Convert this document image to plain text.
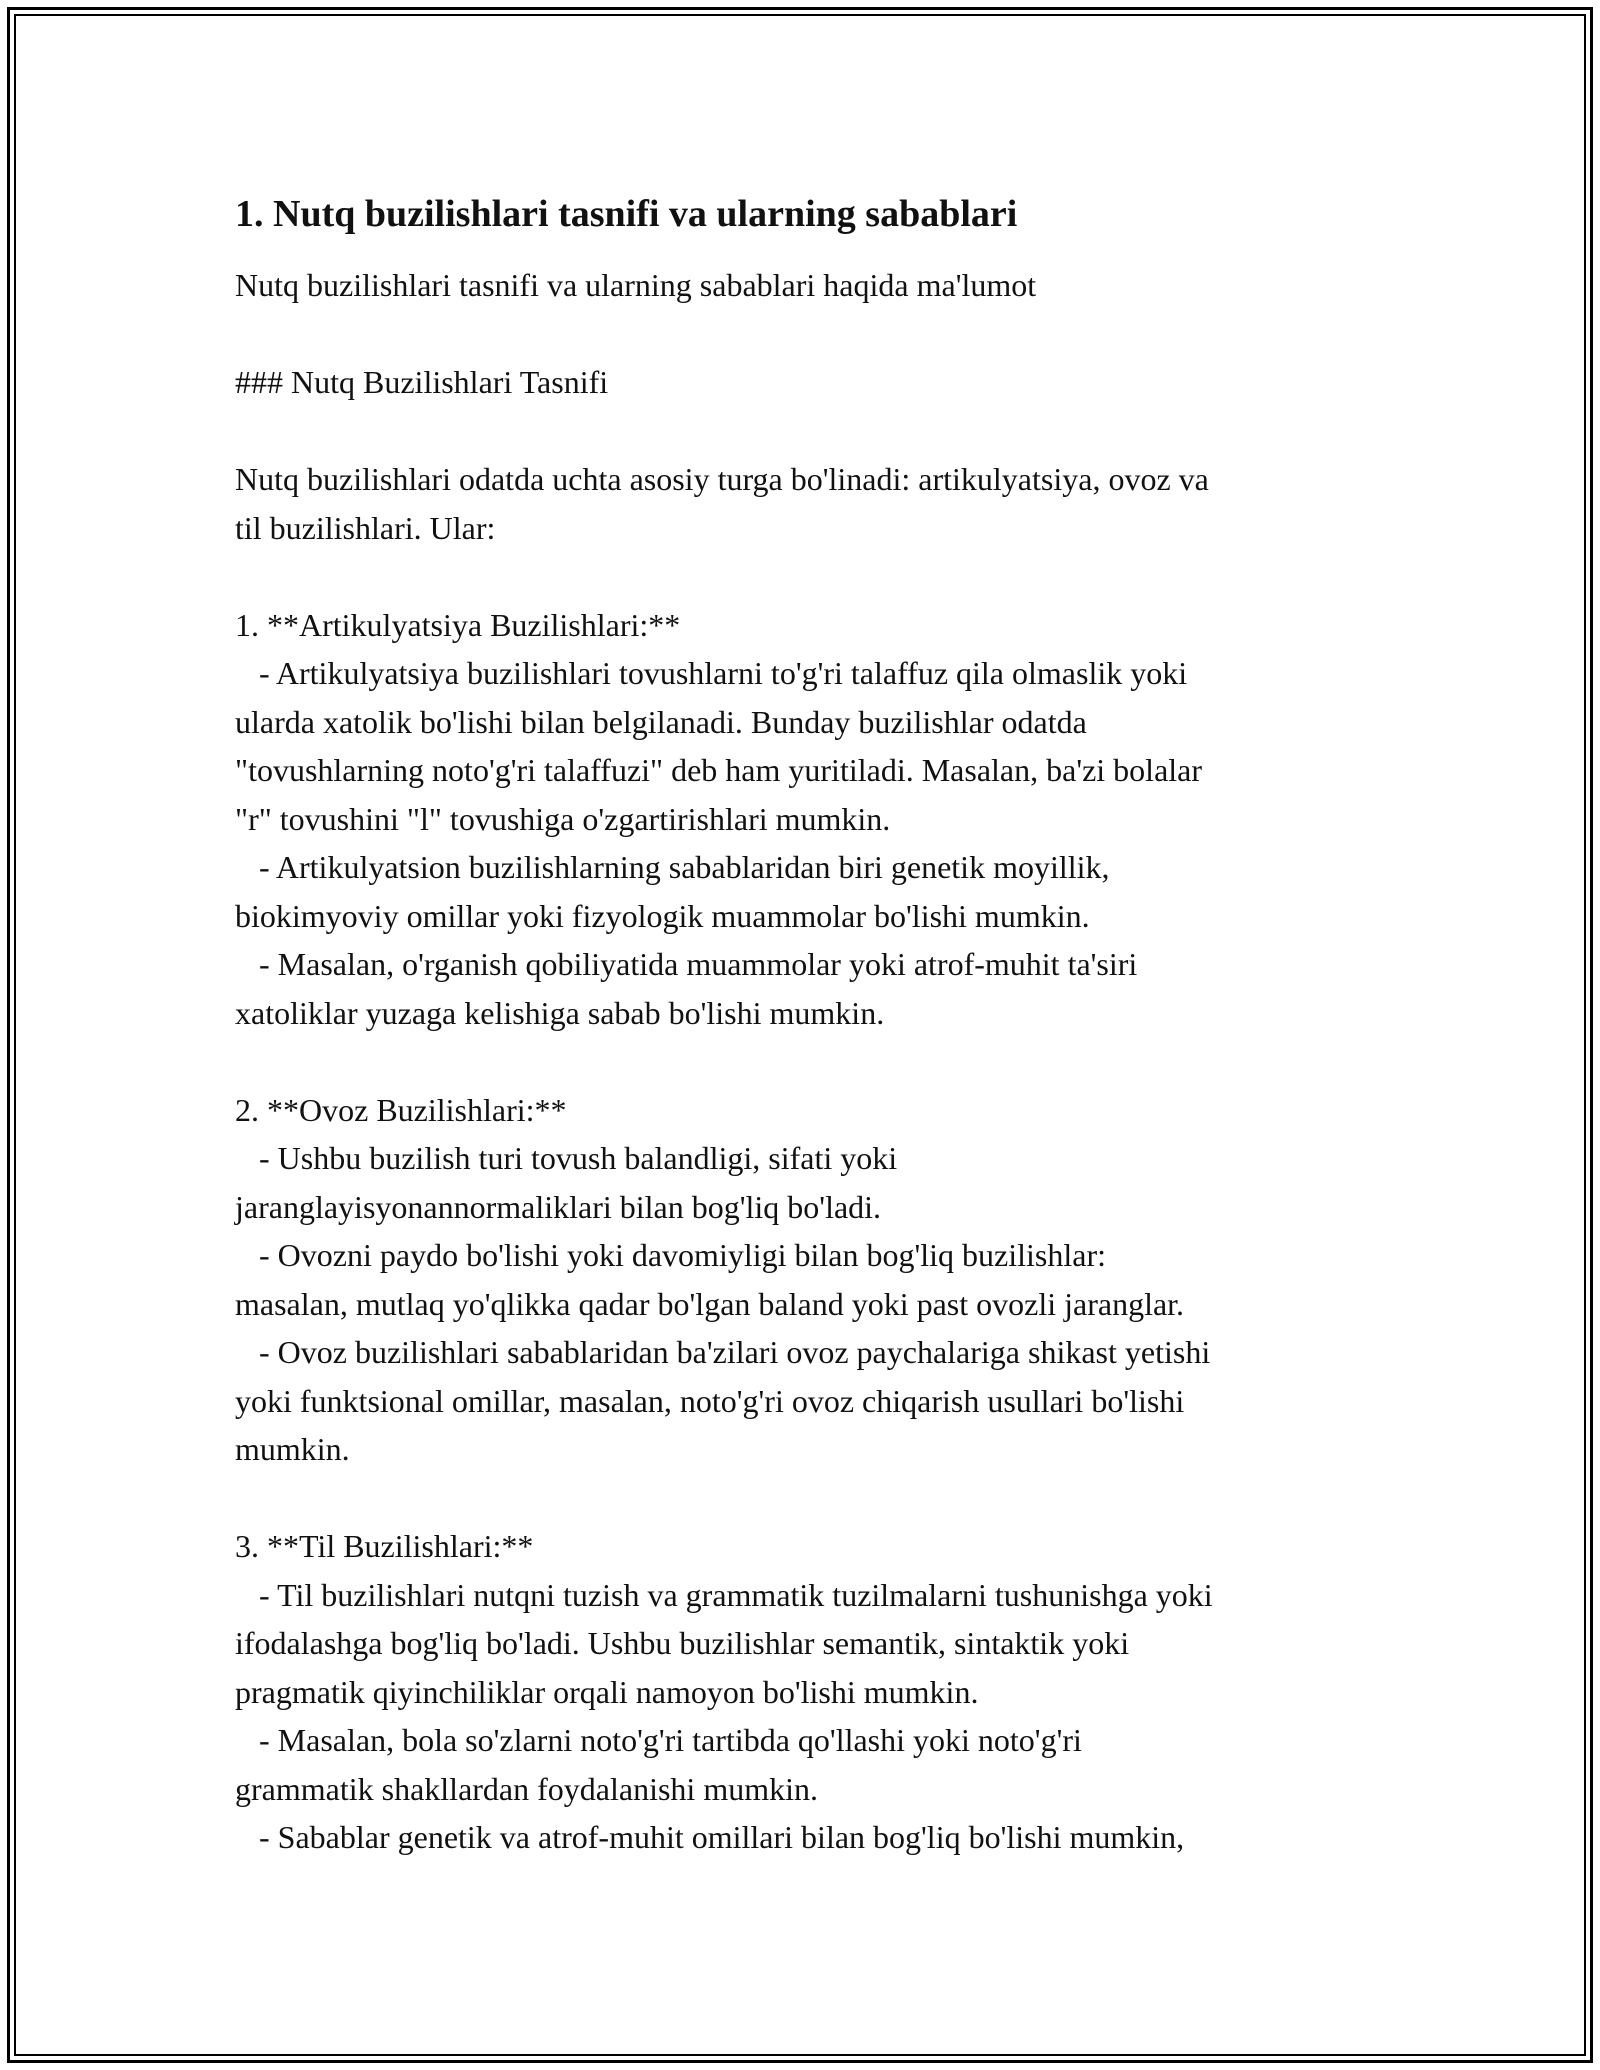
1. Nutq buzilishlari tasnifi va ularning sabablari
Nutq buzilishlari tasnifi va ularning sabablari haqida ma'lumot
### Nutq Buzilishlari Tasnifi
Nutq buzilishlari odatda uchta asosiy turga bo'linadi: artikulyatsiya, ovoz va
til buzilishlari. Ular:
1. **Artikulyatsiya Buzilishlari:**
- Artikulyatsiya buzilishlari tovushlarni to'g'ri talaffuz qila olmaslik yoki
ularda xatolik bo'lishi bilan belgilanadi. Bunday buzilishlar odatda
"tovushlarning noto'g'ri talaffuzi" deb ham yuritiladi. Masalan, ba'zi bolalar
"r" tovushini "l" tovushiga o'zgartirishlari mumkin.
- Artikulyatsion buzilishlarning sabablaridan biri genetik moyillik,
biokimyoviy omillar yoki fizyologik muammolar bo'lishi mumkin.
- Masalan, o'rganish qobiliyatida muammolar yoki atrof-muhit ta'siri
xatoliklar yuzaga kelishiga sabab bo'lishi mumkin.
2. **Ovoz Buzilishlari:**
- Ushbu buzilish turi tovush balandligi, sifati yoki
jaranglayisyonannormaliklari bilan bog'liq bo'ladi.
- Ovozni paydo bo'lishi yoki davomiyligi bilan bog'liq buzilishlar:
masalan, mutlaq yo'qlikka qadar bo'lgan baland yoki past ovozli jaranglar.
- Ovoz buzilishlari sabablaridan ba'zilari ovoz paychalariga shikast yetishi
yoki funktsional omillar, masalan, noto'g'ri ovoz chiqarish usullari bo'lishi
mumkin.
3. **Til Buzilishlari:**
- Til buzilishlari nutqni tuzish va grammatik tuzilmalarni tushunishga yoki
ifodalashga bog'liq bo'ladi. Ushbu buzilishlar semantik, sintaktik yoki
pragmatik qiyinchiliklar orqali namoyon bo'lishi mumkin.
- Masalan, bola so'zlarni noto'g'ri tartibda qo'llashi yoki noto'g'ri
grammatik shakllardan foydalanishi mumkin.
- Sabablar genetik va atrof-muhit omillari bilan bog'liq bo'lishi mumkin,
